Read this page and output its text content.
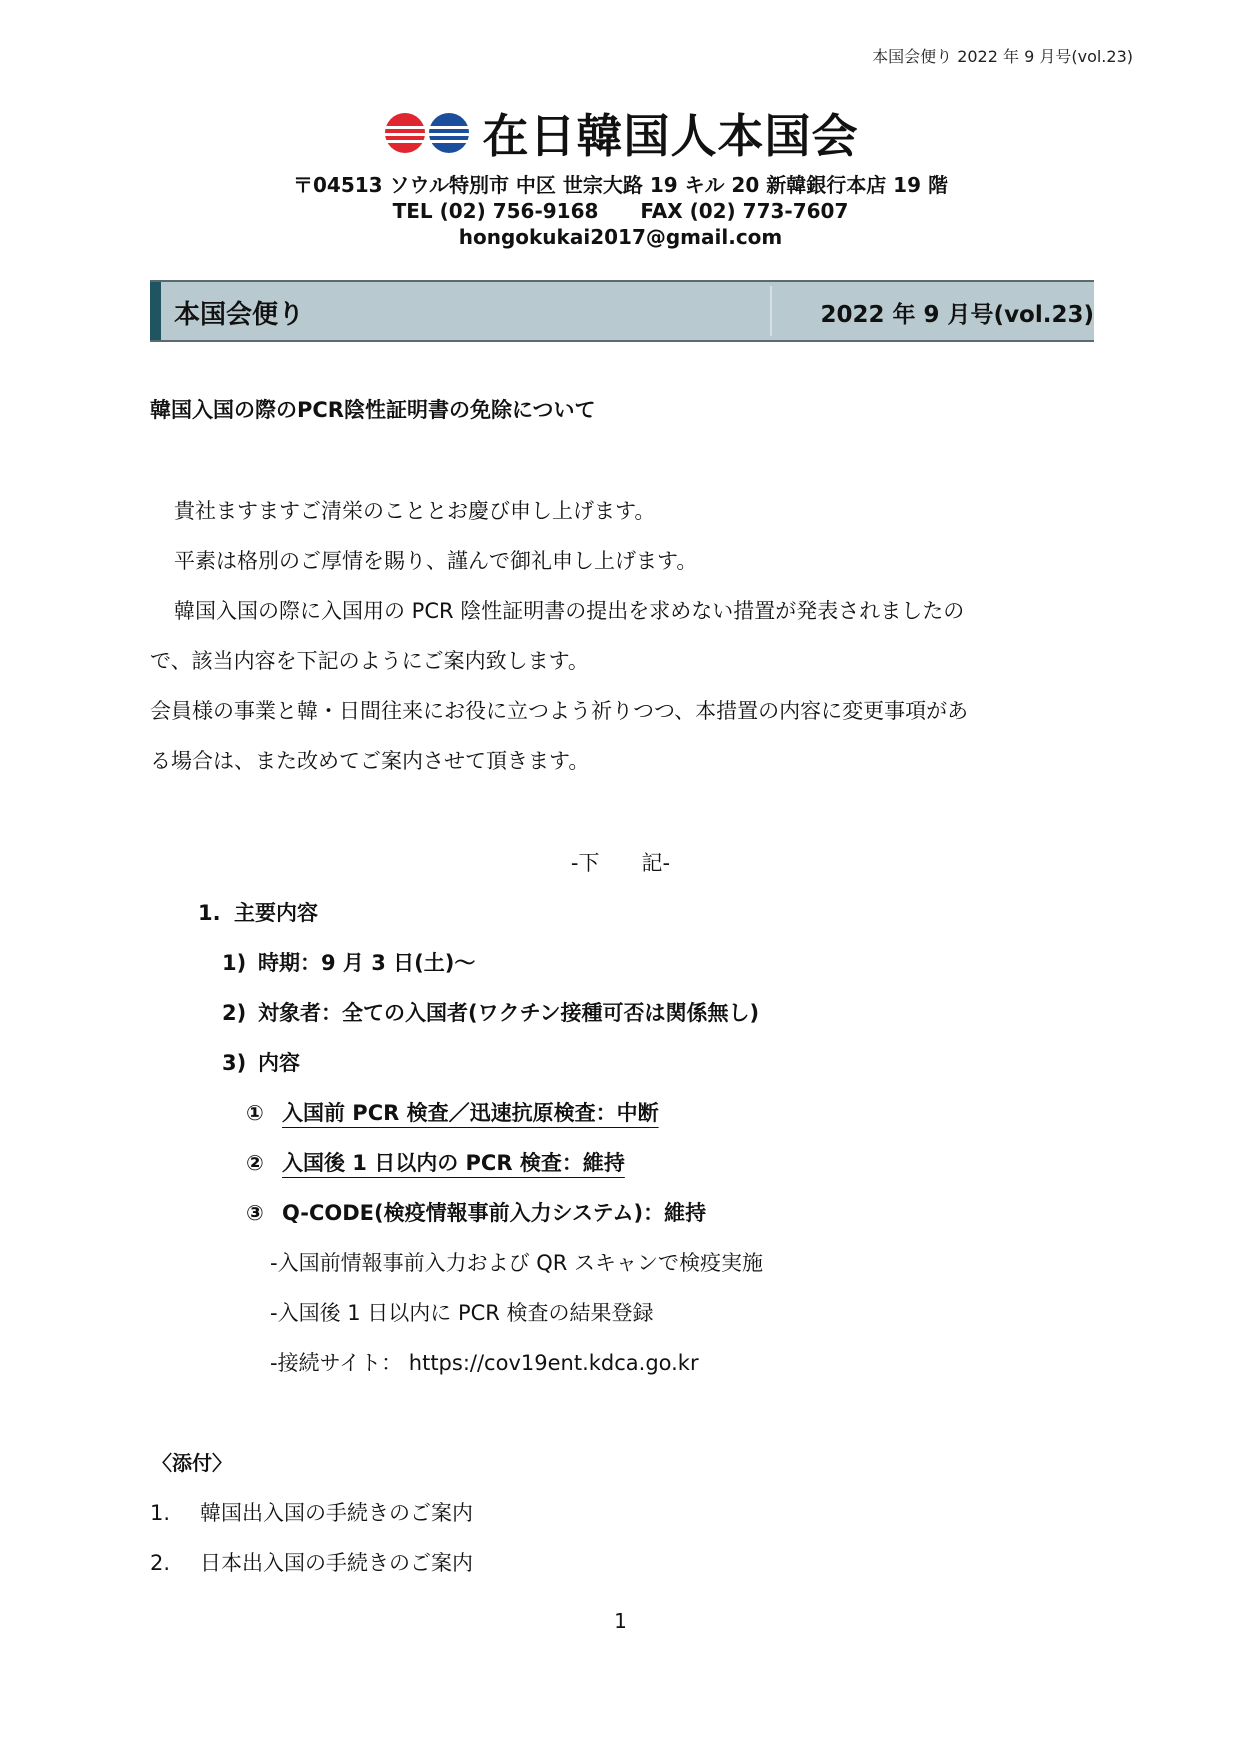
本国会便り 2022 年 9 月号(vol.23)
在日韓国人本国会
〒04513 ソウル特別市 中区 世宗大路 19 キル 20 新韓銀行本店 19 階
TEL (02) 756-9168 FAX (02) 773-7607
hongokukai2017@gmail.com
本国会便り	2022 年 9 月号(vol.23)
韓国入国の際のPCR陰性証明書の免除について
貴社ますますご清栄のこととお慶び申し上げます。
平素は格別のご厚情を賜り、謹んで御礼申し上げます。
韓国入国の際に入国用の PCR 陰性証明書の提出を求めない措置が発表されましたの
で、該当内容を下記のようにご案内致します。
会員様の事業と韓・日間往来にお役に立つよう祈りつつ、本措置の内容に変更事項があ
る場合は、また改めてご案内させて頂きます。
-下　　記-
1. 主要内容
1) 時期：9 月 3 日(土)～
2) 対象者：全ての入国者(ワクチン接種可否は関係無し)
3) 内容
① 入国前 PCR 検査／迅速抗原検査：中断
② 入国後 1 日以内の PCR 検査：維持
③ Q-CODE(検疫情報事前入力システム)：維持
-入国前情報事前入力および QR スキャンで検疫実施
-入国後 1 日以内に PCR 検査の結果登録
-接続サイト： https://cov19ent.kdca.go.kr
〈添付〉
1. 韓国出入国の手続きのご案内
2. 日本出入国の手続きのご案内
1
